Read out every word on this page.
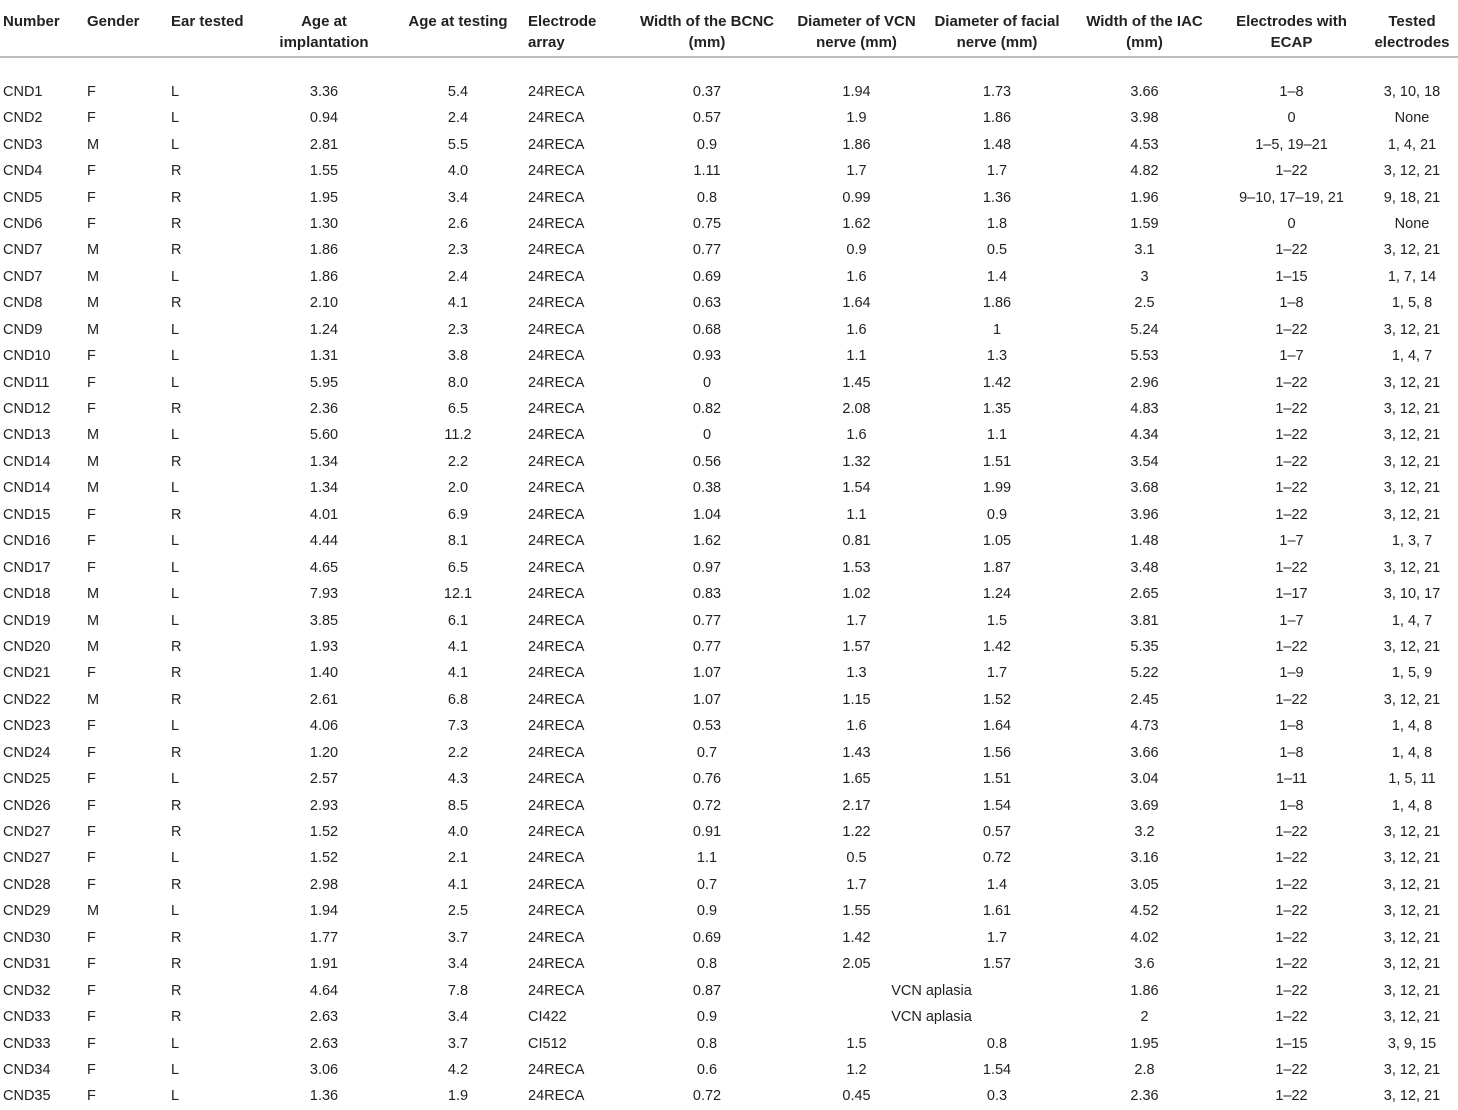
Number	Gender	Ear tested	Age at implantation	Age at testing	Electrode array	Width of the BCNC (mm)	Diameter of VCN nerve (mm)	Diameter of facial nerve (mm)	Width of the IAC (mm)	Electrodes with ECAP	Tested electrodes
CND1	F	L	3.36	5.4	24RECA	0.37	1.94	1.73	3.66	1–8	3, 10, 18
CND2	F	L	0.94	2.4	24RECA	0.57	1.9	1.86	3.98	0	None
CND3	M	L	2.81	5.5	24RECA	0.9	1.86	1.48	4.53	1–5, 19–21	1, 4, 21
CND4	F	R	1.55	4.0	24RECA	1.11	1.7	1.7	4.82	1–22	3, 12, 21
CND5	F	R	1.95	3.4	24RECA	0.8	0.99	1.36	1.96	9–10, 17–19, 21	9, 18, 21
CND6	F	R	1.30	2.6	24RECA	0.75	1.62	1.8	1.59	0	None
CND7	M	R	1.86	2.3	24RECA	0.77	0.9	0.5	3.1	1–22	3, 12, 21
CND7	M	L	1.86	2.4	24RECA	0.69	1.6	1.4	3	1–15	1, 7, 14
CND8	M	R	2.10	4.1	24RECA	0.63	1.64	1.86	2.5	1–8	1, 5, 8
CND9	M	L	1.24	2.3	24RECA	0.68	1.6	1	5.24	1–22	3, 12, 21
CND10	F	L	1.31	3.8	24RECA	0.93	1.1	1.3	5.53	1–7	1, 4, 7
CND11	F	L	5.95	8.0	24RECA	0	1.45	1.42	2.96	1–22	3, 12, 21
CND12	F	R	2.36	6.5	24RECA	0.82	2.08	1.35	4.83	1–22	3, 12, 21
CND13	M	L	5.60	11.2	24RECA	0	1.6	1.1	4.34	1–22	3, 12, 21
CND14	M	R	1.34	2.2	24RECA	0.56	1.32	1.51	3.54	1–22	3, 12, 21
CND14	M	L	1.34	2.0	24RECA	0.38	1.54	1.99	3.68	1–22	3, 12, 21
CND15	F	R	4.01	6.9	24RECA	1.04	1.1	0.9	3.96	1–22	3, 12, 21
CND16	F	L	4.44	8.1	24RECA	1.62	0.81	1.05	1.48	1–7	1, 3, 7
CND17	F	L	4.65	6.5	24RECA	0.97	1.53	1.87	3.48	1–22	3, 12, 21
CND18	M	L	7.93	12.1	24RECA	0.83	1.02	1.24	2.65	1–17	3, 10, 17
CND19	M	L	3.85	6.1	24RECA	0.77	1.7	1.5	3.81	1–7	1, 4, 7
CND20	M	R	1.93	4.1	24RECA	0.77	1.57	1.42	5.35	1–22	3, 12, 21
CND21	F	R	1.40	4.1	24RECA	1.07	1.3	1.7	5.22	1–9	1, 5, 9
CND22	M	R	2.61	6.8	24RECA	1.07	1.15	1.52	2.45	1–22	3, 12, 21
CND23	F	L	4.06	7.3	24RECA	0.53	1.6	1.64	4.73	1–8	1, 4, 8
CND24	F	R	1.20	2.2	24RECA	0.7	1.43	1.56	3.66	1–8	1, 4, 8
CND25	F	L	2.57	4.3	24RECA	0.76	1.65	1.51	3.04	1–11	1, 5, 11
CND26	F	R	2.93	8.5	24RECA	0.72	2.17	1.54	3.69	1–8	1, 4, 8
CND27	F	R	1.52	4.0	24RECA	0.91	1.22	0.57	3.2	1–22	3, 12, 21
CND27	F	L	1.52	2.1	24RECA	1.1	0.5	0.72	3.16	1–22	3, 12, 21
CND28	F	R	2.98	4.1	24RECA	0.7	1.7	1.4	3.05	1–22	3, 12, 21
CND29	M	L	1.94	2.5	24RECA	0.9	1.55	1.61	4.52	1–22	3, 12, 21
CND30	F	R	1.77	3.7	24RECA	0.69	1.42	1.7	4.02	1–22	3, 12, 21
CND31	F	R	1.91	3.4	24RECA	0.8	2.05	1.57	3.6	1–22	3, 12, 21
CND32	F	R	4.64	7.8	24RECA	0.87	VCN aplasia		1.86	1–22	3, 12, 21
CND33	F	R	2.63	3.4	CI422	0.9	VCN aplasia		2	1–22	3, 12, 21
CND33	F	L	2.63	3.7	CI512	0.8	1.5	0.8	1.95	1–15	3, 9, 15
CND34	F	L	3.06	4.2	24RECA	0.6	1.2	1.54	2.8	1–22	3, 12, 21
CND35	F	L	1.36	1.9	24RECA	0.72	0.45	0.3	2.36	1–22	3, 12, 21
